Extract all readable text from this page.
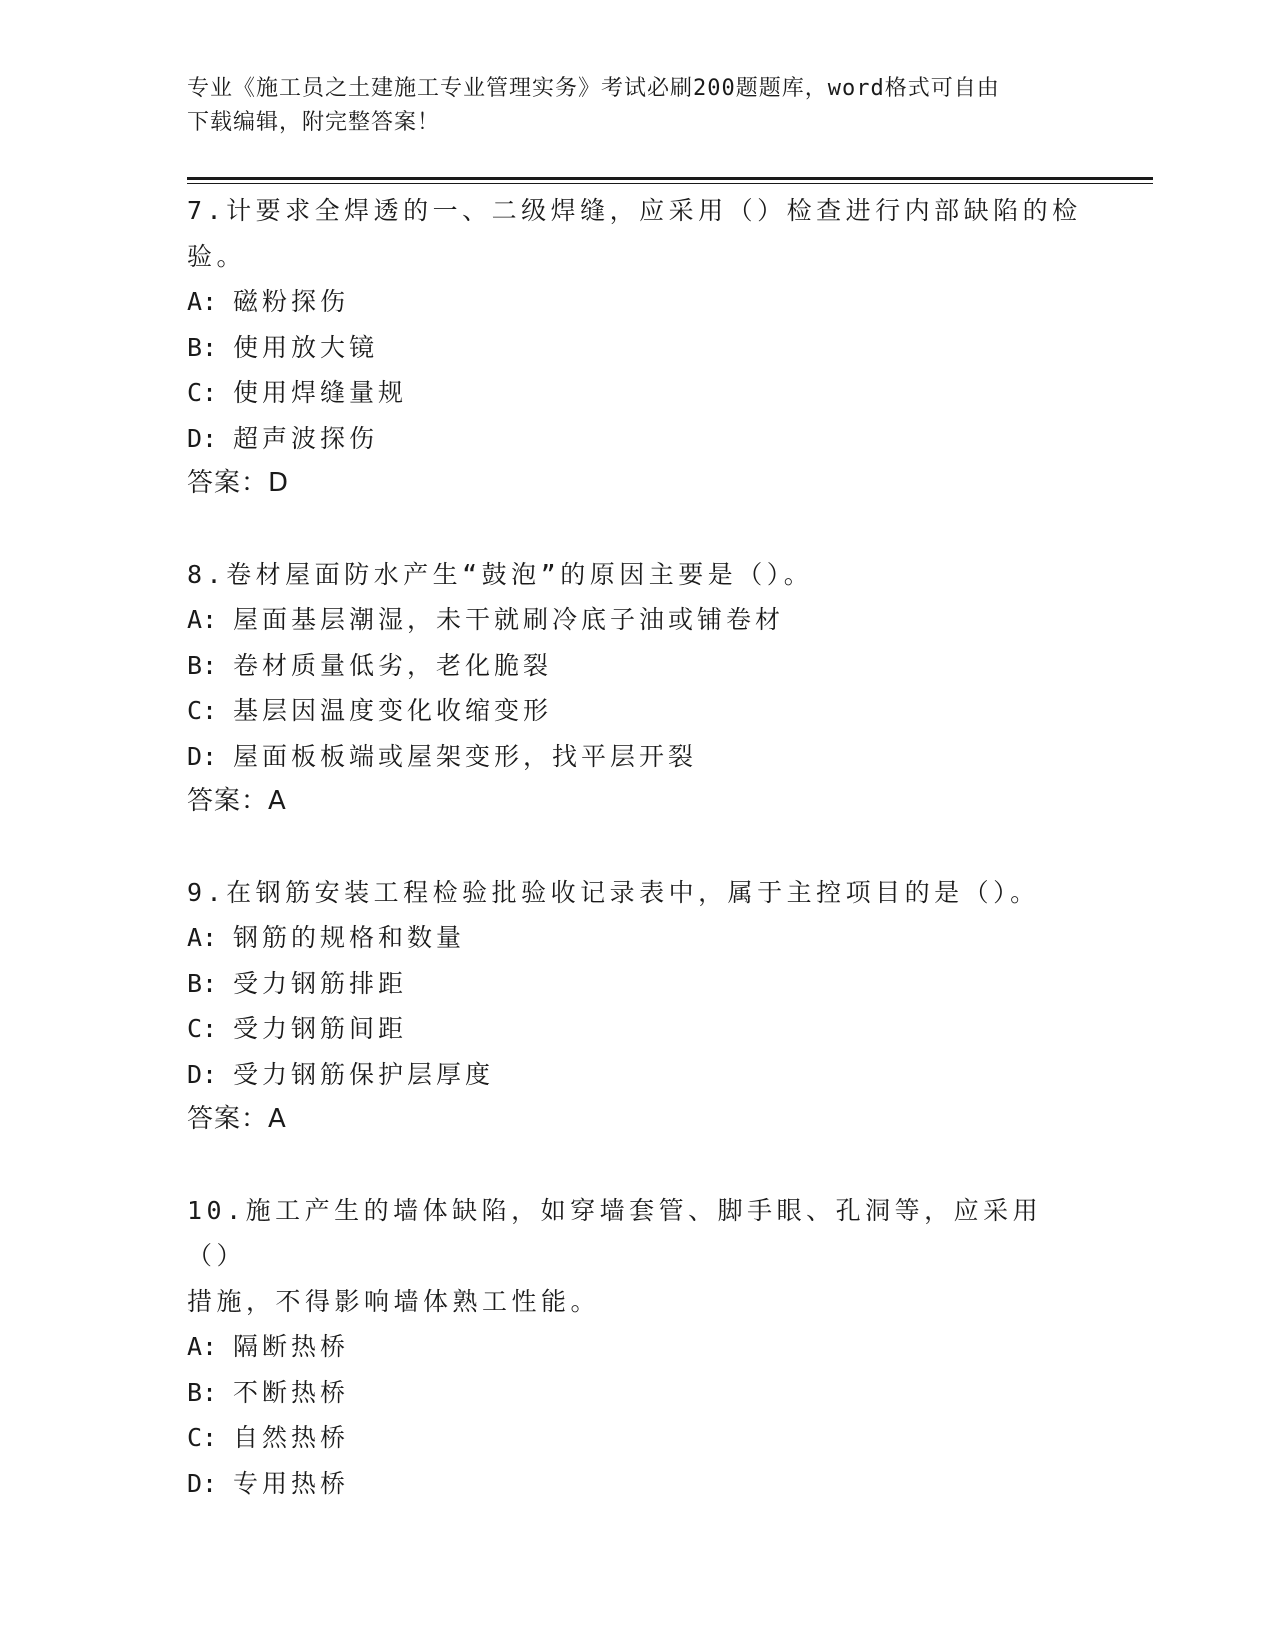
专业《施工员之土建施工专业管理实务》考试必刷200题题库，word格式可自由
下载编辑，附完整答案！
7.计要求全焊透的一、二级焊缝，应采用（）检查进行内部缺陷的检
验。
A: 磁粉探伤
B: 使用放大镜
C: 使用焊缝量规
D: 超声波探伤
答案：D
8.卷材屋面防水产生“鼓泡”的原因主要是（）。
A: 屋面基层潮湿，未干就刷冷底子油或铺卷材
B: 卷材质量低劣，老化脆裂
C: 基层因温度变化收缩变形
D: 屋面板板端或屋架变形，找平层开裂
答案：A
9.在钢筋安装工程检验批验收记录表中，属于主控项目的是（）。
A: 钢筋的规格和数量
B: 受力钢筋排距
C: 受力钢筋间距
D: 受力钢筋保护层厚度
答案：A
10.施工产生的墙体缺陷，如穿墙套管、脚手眼、孔洞等，应采用（）
措施，不得影响墙体熟工性能。
A: 隔断热桥
B: 不断热桥
C: 自然热桥
D: 专用热桥
